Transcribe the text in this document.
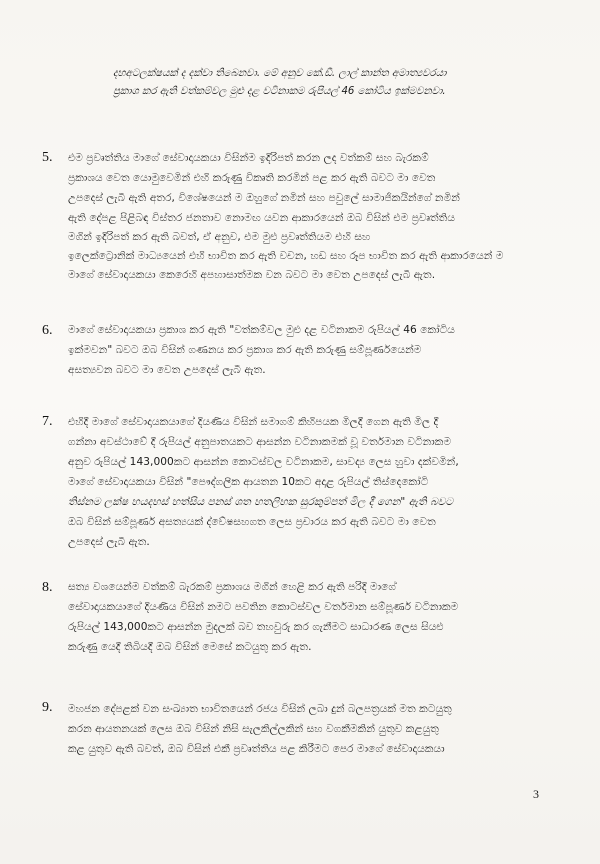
දහඅටලක්ෂයක් ද දක්වා තිබෙනවා. මේ අනුව කේ.ඩී. ලාල් කාන්ත අමාත්‍යවරයා
ප්‍රකාශ කර ඇති වත්කම්වල මුළු දළ වටිනාකම රුපියල් 46 කෝටිය ඉක්මවනවා.
5. එම ප්‍රවෘත්තිය මාගේ සේවාදායකයා විසින්ම ඉදිරිපත් කරන ලද වත්කම් සහ බැරකම්
ප්‍රකාශය වෙත යොමුවෙමින් එහි කරුණු විකෘති කරමින් පළ කර ඇති බවට මා වෙත
උපදෙස් ලැබී ඇති අතර, විශේෂයෙන් ම ඔහුගේ නමින් සහ පවුලේ සාමාජිකයින්ගේ නමින්
ඇති දේපළ පිළිබඳ විස්තර ජනතාව නොමඟ යවන ආකාරයෙන් ඔබ විසින් එම ප්‍රවෘත්තිය
මගින් ඉදිරිපත් කර ඇති බවත්, ඒ අනුව, එම මුළු ප්‍රවෘත්තියම එහි සහ
ඉලෙක්ට්‍රොනික් මාධ්‍යයෙන් එහි භාවිත කර ඇති වචන, හඩ සහ රූප භාවිත කර ඇති ආකාරයෙන් ම
මාගේ සේවාදායකයා කෙරෙහි අපහාසාත්මක වන බවට මා වෙත උපදෙස් ලැබී ඇත.
6. මාගේ සේවාදායකයා ප්‍රකාශ කර ඇති "වත්කම්වල මුළු දළ වටිනාකම රුපියල් 46 කෝටිය
ඉක්මවන" බවට ඔබ විසින් ගණනය කර ප්‍රකාශ කර ඇති කරුණු සම්පූර්ණයෙන්ම
අසත්‍යවන බවට මා වෙත උපදෙස් ලැබී ඇත.
7. එහිදී මාගේ සේවාදායකයාගේ දියණිය විසින් සමාගම් කිහිපයක මිලදී ගෙන ඇති මිල දී
ගන්නා අවස්ථාවේ දී රුපියල් අනුපාතයකට ආසන්න වටිනාකමක් වූ වර්තමාන වටිනාකම
අනුව රුපියල් 143,000කට ආසන්න කොටස්වල වටිනාකම, සාවද්‍ය ලෙස හුවා දක්වමින්,
මාගේ සේවාදායකයා විසින් "පෞද්ගලික ආයතන 10කට අදාළ රුපියල් තිස්දෙකෝටි
තිස්නම ලක්ෂ හයදහස් හත්සිය පනස් ශත හතලිහක සුරකුම්පත් මිල දී ගෙන" ඇති බවට
ඔබ විසින් සම්පූර්ණ අසත්‍යයක් ද්වේෂසහගත ලෙස ප්‍රචාරය කර ඇති බවට මා වෙත
උපදෙස් ලැබී ඇත.
8. සත්‍ය වශයෙන්ම වත්කම් බැරකම් ප්‍රකාශය මගින් හෙළි කර ඇති පරිදි මාගේ
සේවාදායකයාගේ දියණිය විසින් නමට පවතින කොටස්වල වර්තමාන සම්පූර්ණ වටිනාකම
රුපියල් 143,000කට ආසන්න මුදලක් බව තහවුරු කර ගැනීමට සාධාරණ ලෙස සියළු
කරුණු යෙදී තිබියදී ඔබ විසින් මෙසේ කටයුතු කර ඇත.
9. මහජන දේපළක් වන සංඛ්‍යාත භාවිතයෙන් රජය විසින් ලබා දුන් බලපත්‍රයක් මත කටයුතු
කරන ආයතනයක් ලෙස ඔබ විසින් නිසි සැලකිල්ලකින් සහ වගකීමකින් යුතුව කළයුතු
කළ යුතුව ඇති බවත්, ඔබ විසින් එකී ප්‍රවෘත්තිය පළ කිරීමට පෙර මාගේ සේවාදායකයා
3
